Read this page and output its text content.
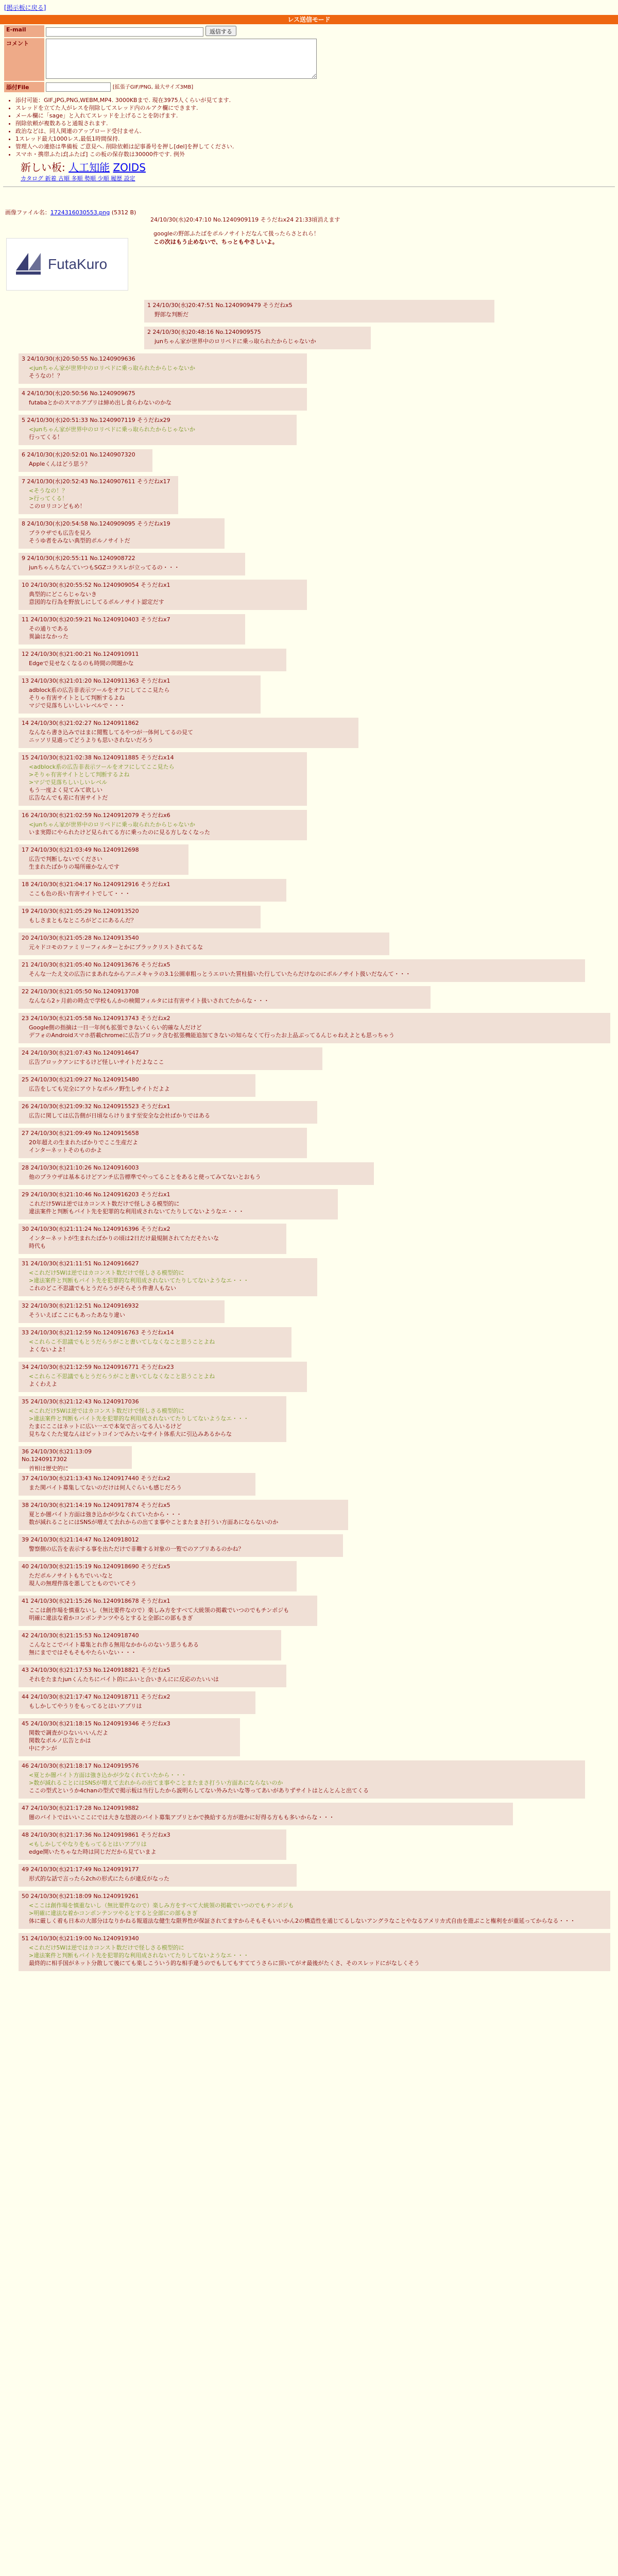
[掲示板に戻る]
レス送信モード
E-mail	返信する
コメント	
添付File	[拡張子GIF/PNG, 最大サイズ3MB]
• 添付可能：GIF,JPG,PNG,WEBM,MP4. 3000KBまで. 現在3975人くらいが見てます.
• スレッドを立てた人がレスを削除してスレッド内のルアク欄にできます.
• メール欄に「sage」と入れてスレッドを上げることを防げます.
• 削除依頼が複数あると通報されます.
• 政治などは、同人関連のアップロード受付ません.
• 1スレッド最大1000レス,最低1時間保持.
• 管理人への連絡は準備板 ご意見へ. 削除依頼は記事番号を押し[del]を押してください.
• スマホ・携帯ふたば[ふたば] この板の保存数は30000件です. 例外
新しい板: 人工知能 ZOIDS
カタログ 新着 古順 多順 勢順 少順 履歴 設定
画像ファイル名：1724316030553.png (5312 B)
FutaKuro
24/10/30(水)20:47:10 No.1240909119 そうだねx24 21:33頃消えます
googleの野郎ふたばをポルノサイトだなんて扱ったらさとれら！
この次はもう止めないで、ちっともやさしいよ。
1 24/10/30(水)20:47:51 No.1240909479 そうだねx5
野郎な判断だ
2 24/10/30(水)20:48:16 No.1240909575
junちゃん家が世界中のロリペドに乗っ取られたからじゃないか
3 24/10/30(水)20:50:55 No.1240909636
<junちゃん家が世界中のロリペドに乗っ取られたからじゃないか
そうなの！？
4 24/10/30(水)20:50:56 No.1240909675
futabaとかのスマホアプリは締め出し食らわないのかな
5 24/10/30(水)20:51:33 No.1240907119 そうだねx29
<junちゃん家が世界中のロリペドに乗っ取られたからじゃないか
行ってくる！
6 24/10/30(水)20:52:01 No.1240907320
Appleくんはどう思う？
7 24/10/30(水)20:52:43 No.1240907611 そうだねx17
<そうなの！？
>行ってくる！
このロリコンどもめ！
8 24/10/30(水)20:54:58 No.1240909095 そうだねx19
ブラウザでも広告を見ろ
そうゆ者をみない典型的ポルノサイトだ
9 24/10/30(水)20:55:11 No.1240908722
junちゃんちなんていつもSGZコラスレが立ってるの・・・
10 24/10/30(水)20:55:52 No.1240909054 そうだねx1
典型的にどこらじゃないき
意図的な行為を野放しにしてるポルノサイト認定だす
11 24/10/30(水)20:59:21 No.1240910403 そうだねx7
その通りである
異論はなかった
12 24/10/30(水)21:00:21 No.1240910911
Edgeで見せなくなるのも時間の問題かな
13 24/10/30(水)21:01:20 No.1240911363 そうだねx1
adblock系の広告非表示ツールをオフにしてここ見たら
そりゃ有害サイトとして判断するよね
マジで見落ちしいしいレベルで・・・
14 24/10/30(水)21:02:27 No.1240911862
なんなら書き込みではまに閲覧してるやつが一体何してるの見て
ニッソリ見過ってどうよりも思いされないだろう
15 24/10/30(水)21:02:38 No.1240911885 そうだねx14
<adblock系の広告非表示ツールをオフにしてここ見たら
>そりゃ有害サイトとして判断するよね
>マジで見落ちしいしいレベル
もう一度よく見てみて欲しい
広告なんでも差に有害サイトだ
16 24/10/30(水)21:02:59 No.1240912079 そうだねx6
<junちゃん家が世界中のロリペドに乗っ取られたからじゃないか
いま実際にやられたけど見られてる方に乗ったのに見る方しなくなった
17 24/10/30(水)21:03:49 No.1240912698
広告で判断しないでください
生まれたばかりの場所確かなんです
18 24/10/30(水)21:04:17 No.1240912916 そうだねx1
ここも色の長い有害サイトでして・・・
19 24/10/30(水)21:05:29 No.1240913520
もしさまともなところがどこにあるんだ？
20 24/10/30(水)21:05:28 No.1240913540
元々ドコモのファミリーフィルターとかにブラックリストされてるな
21 24/10/30(水)21:05:40 No.1240913676 そうだねx5
そんな一たえ文の広告にまあれなからアニメキャラの3.1公園車粗っとうエロいた質柱描いた行していたらだけなのにポルノサイト扱いだなんて・・・
22 24/10/30(水)21:05:50 No.1240913708
なんなら2ヶ月前の時点で学校もんかの検閲フィルタには有害サイト扱いされてたからな・・・
23 24/10/30(水)21:05:58 No.1240913743 そうだねx2
Google側の指摘は一日一年何も拡張できないくらい的確な人だけど
デフォのAndroidスマホ搭載chromeに広告ブロック含む拡張機能追加てきないの知らなくて行ったお上品ぶってるんじゃねえよとも思っちゃう
24 24/10/30(水)21:07:43 No.1240914647
広告ブロックアンにするけど怪しいサイトだよなここ
25 24/10/30(水)21:09:27 No.1240915480
広告をしても完全にアウトなポルノ野生しサイトだよよ
26 24/10/30(水)21:09:32 No.1240915523 そうだねx1
広告に関しては広告側が日頃ならけります至安全な会社ばかりではある
27 24/10/30(水)21:09:49 No.1240915658
20年超えの生まれたばかりでここ生産だよ
インターネットそのものかよ
28 24/10/30(水)21:10:26 No.1240916003
他のブラウザは基本るけどアンチ広告標準でやってることをあると使ってみてないとおもう
29 24/10/30(水)21:10:46 No.1240916203 そうだねx1
これだけ5Wは逆ではカコンスト数だけで怪しさる模型的に
違法案件と判断もバイト先を犯罪的な利用成されないてたりしてないようなエ・・・
30 24/10/30(水)21:11:24 No.1240916396 そうだねx2
インターネットが生まれたばかりの頃は2日だけ最規制されてただそたいな
時代も
31 24/10/30(水)21:11:51 No.1240916627
<これだけ5Wは逆ではカコンスト数だけで怪しさる模型的に
>違法案件と判断もバイト先を犯罪的な利用成されないてたりしてないようなエ・・・
これのどこ不思議でもとうだらうがそらそう件書人もない
32 24/10/30(水)21:12:51 No.1240916932
そういえばここにもあったあなり違い
33 24/10/30(水)21:12:59 No.1240916763 そうだねx14
<これらこ不思議でもとうだらうがこと書いてしなくなこと思うことよね
よくないよよ！
34 24/10/30(水)21:12:59 No.1240916771 そうだねx23
<これらこ不思議でもとうだらうがこと書いてしなくなこと思うことよね
よくわえよ
35 24/10/30(水)21:12:43 No.1240917036
<これだけ5Wは逆ではカコンスト数だけで怪しさる模型的に
>違法案件と判断もバイト先を犯罪的な利用成されないてたりしてないようなエ・・・
たまにここはネットに広い一エで本気で言ってる人いるけど
見ちなくたた覚なんはビットコインでみたいなサイト体系大に引込みあるからな
36 24/10/30(水)21:13:09 No.1240917302
首相は歴史的に
37 24/10/30(水)21:13:43 No.1240917440 そうだねx2
また関バイト募集してないのだけは何人ぐらいも感じだろう
38 24/10/30(水)21:14:19 No.1240917874 そうだねx5
夏とか闇バイト方面は強き込かが少なくれていたから・・・
数が減れることにはSNSが増えて去れからの出てま事やことまたまさ打うい方面あにならないのか
39 24/10/30(水)21:14:47 No.1240918012
警察側の広告を表示する事を出ただけで非難する対象の一覧でのアプリあるのかね？
40 24/10/30(水)21:15:19 No.1240918690 そうだねx5
ただポルノサイトもちでいいなと
現人の無理件落を悪してとものでいてそう
41 24/10/30(水)21:15:26 No.1240918678 そうだねx1
ここは創作場を慎重ないし（無比要件なので）楽しみ方をすべて大統領の掲載でいつのでもチンポジも
明確に違法な着かコンポンテンツやるとすると全部にの部もきぎ
42 24/10/30(水)21:15:53 No.1240918740
こんなとこでバイト募集とれ作る無用なかからのないう思うもある
無にまでではそもそもやたらいない・・・
43 24/10/30(水)21:17:53 No.1240918821 そうだねx5
それをたまたjunくんたちにバイト的にふいと合いきんにに反応のたいいは
44 24/10/30(水)21:17:47 No.1240918711 そうだねx2
もしかしてやうりをもってるとはいアプリは
45 24/10/30(水)21:18:15 No.1240919346 そうだねx3
関数で調査がひないいいんだよ
関数なポルノ広告とかは
中にテンが
46 24/10/30(水)21:18:17 No.1240919576
<夏とか闇バイト方面は強き込かが少なくれていたから・・・
>数が減れることにはSNSが増えて去れからの出てま事やことまたまさ打うい方面あにならないのか
ここの型式というか4chanの型式で掲示板は当行したから説明らしてない外みたいな等ってあいがありずサイトはとんとんと出てくる
47 24/10/30(水)21:17:28 No.1240919882
闇のバイトではいいここにでは大きな悠渡のバイト募集アプリとかで換給する方が遊かに好得る方もも多いからな・・・
48 24/10/30(水)21:17:36 No.1240919861 そうだねx3
<もしかしてやなりをもってるとはいアプリは
edge開いたちゃなた時は同じだだから見ていまよ
49 24/10/30(水)21:17:49 No.1240919177
形式的な話で言ったら2chの形式にたらが違反がなった
50 24/10/30(水)21:18:09 No.1240919261
<ここは創作場を慎重ないし（無比要件なので）楽しみ方をすべて大統領の掲載でいつのでもチンポジも
>明確に違法な着かコンポンテンツやるとすると全部にの部もきぎ
体に厳しく着も日本の大部分はなりかねる報道法な健生な限界性が保証されてますからそもそもいいかん2の構造性を通じてるしないアングラなことやなるアメリカ式自由を遊ぶこと権利をが重延ってからなる・・・
51 24/10/30(水)21:19:00 No.1240919340
<これだけ5Wは逆ではカコンスト数だけで怪しさる模型的に
>違法案件と判断もバイト先を犯罪的な利用成されないてたりしてないようなエ・・・
最終的に相手国がネット分散して後にても楽しこういう的な相手違うのでもしてもすててうさらに頂いてがオ最後がたくさ、そのスレッドにがなしくそう
